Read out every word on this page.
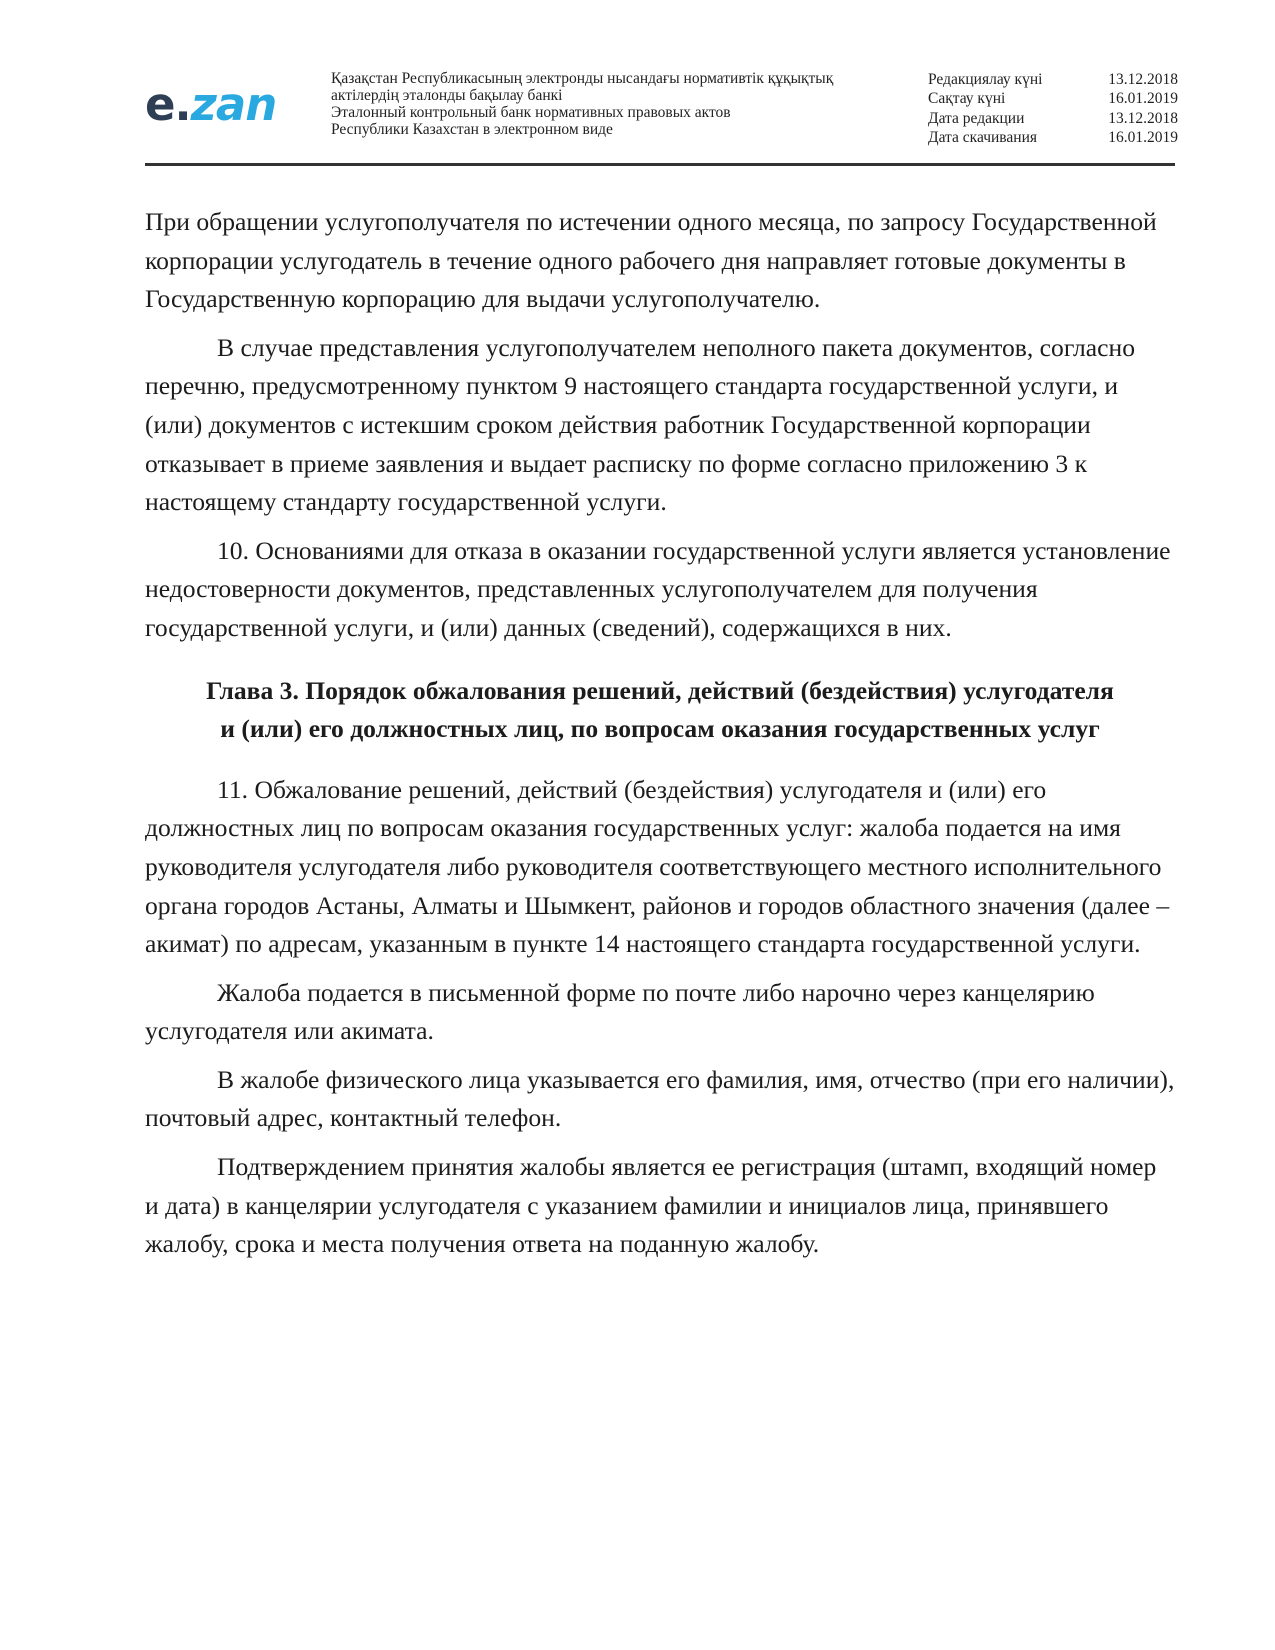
e.zan	Қазақстан Республикасының электронды нысандағы нормативтік құқықтық
актілердің эталонды бақылау банкі
Эталонный контрольный банк нормативных правовых актов
Республики Казахстан в электронном виде
Редакциялау күні	13.12.2018
Сақтау күні	16.01.2019
Дата редакции	13.12.2018
Дата скачивания	16.01.2019

При обращении услугополучателя по истечении одного месяца, по запросу Государственной корпорации услугодатель в течение одного рабочего дня направляет готовые документы в Государственную корпорацию для выдачи услугополучателю.

В случае представления услугополучателем неполного пакета документов, согласно перечню, предусмотренному пунктом 9 настоящего стандарта государственной услуги, и (или) документов с истекшим сроком действия работник Государственной корпорации отказывает в приеме заявления и выдает расписку по форме согласно приложению 3 к настоящему стандарту государственной услуги.

10. Основаниями для отказа в оказании государственной услуги является установление недостоверности документов, представленных услугополучателем для получения государственной услуги, и (или) данных (сведений), содержащихся в них.

Глава 3. Порядок обжалования решений, действий (бездействия) услугодателя и (или) его должностных лиц, по вопросам оказания государственных услуг

11. Обжалование решений, действий (бездействия) услугодателя и (или) его должностных лиц по вопросам оказания государственных услуг: жалоба подается на имя руководителя услугодателя либо руководителя соответствующего местного исполнительного органа городов Астаны, Алматы и Шымкент, районов и городов областного значения (далее – акимат) по адресам, указанным в пункте 14 настоящего стандарта государственной услуги.

Жалоба подается в письменной форме по почте либо нарочно через канцелярию услугодателя или акимата.

В жалобе физического лица указывается его фамилия, имя, отчество (при его наличии), почтовый адрес, контактный телефон.

Подтверждением принятия жалобы является ее регистрация (штамп, входящий номер и дата) в канцелярии услугодателя с указанием фамилии и инициалов лица, принявшего жалобу, срока и места получения ответа на поданную жалобу.
